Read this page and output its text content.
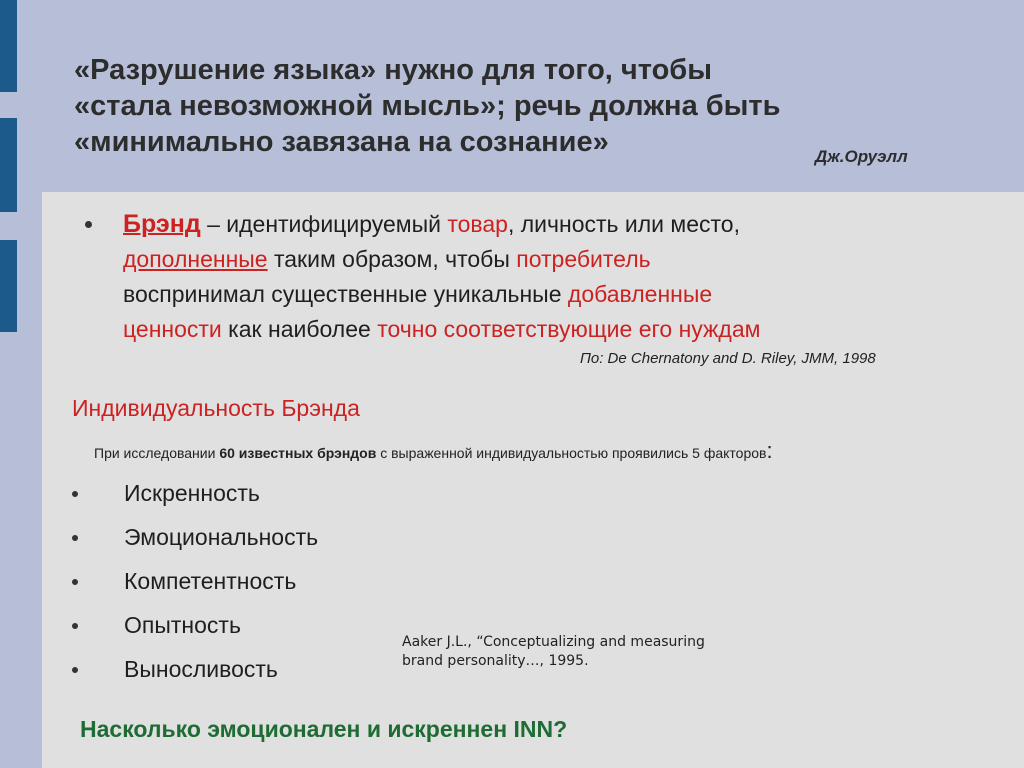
«Разрушение языка» нужно для того, чтобы
«стала невозможной мысль»; речь должна быть
«минимально завязана на сознание»	Дж.Оруэлл
Брэнд – идентифицируемый товар, личность или место,
дополненные таким образом, чтобы потребитель
воспринимал существенные уникальные добавленные
ценности как наиболее точно соответствующие его нуждам
По: De Chernatony and D. Riley, JMM, 1998
Индивидуальность Брэнда
При исследовании 60 известных брэндов с выраженной индивидуальностью проявились 5 факторов:
Искренность
Эмоциональность
Компетентность
Опытность
Выносливость
Aaker J.L., “Conceptualizing and measuring
brand personality…, 1995.
Насколько эмоционален и искреннен INN?
